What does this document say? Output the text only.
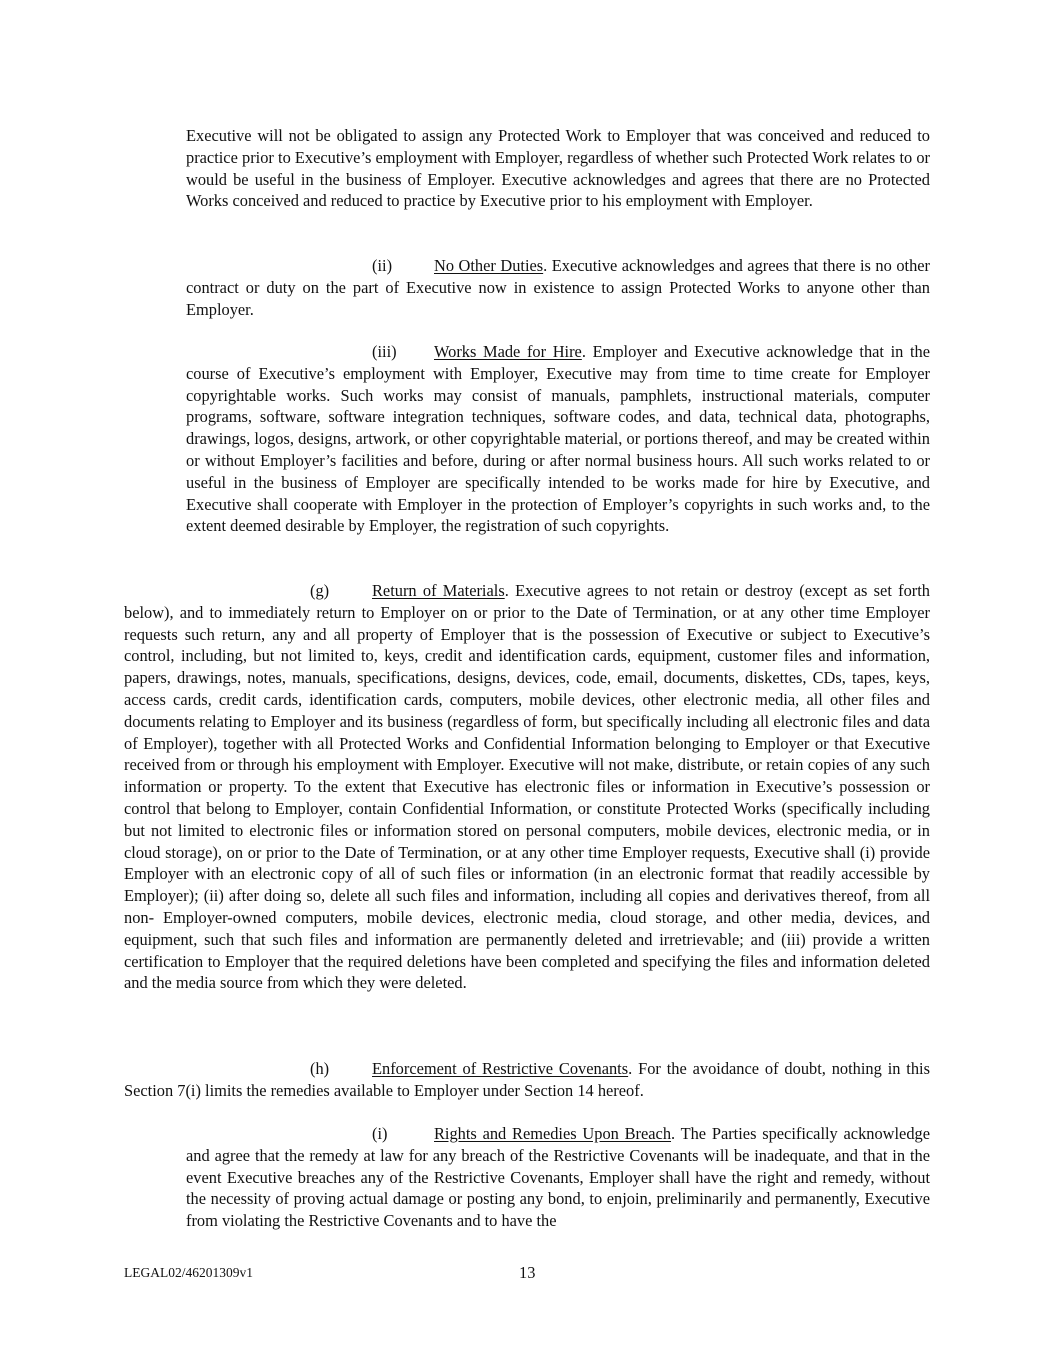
Executive will not be obligated to assign any Protected Work to Employer that was conceived and reduced to practice prior to Executive’s employment with Employer, regardless of whether such Protected Work relates to or would be useful in the business of Employer. Executive acknowledges and agrees that there are no Protected Works conceived and reduced to practice by Executive prior to his employment with Employer.

(ii)	No Other Duties. Executive acknowledges and agrees that there is no other contract or duty on the part of Executive now in existence to assign Protected Works to anyone other than Employer.

(iii) Works Made for Hire. Employer and Executive acknowledge that in the course of Executive’s employment with Employer, Executive may from time to time create for Employer copyrightable works. Such works may consist of manuals, pamphlets, instructional materials, computer programs, software, software integration techniques, software codes, and data, technical data, photographs, drawings, logos, designs, artwork, or other copyrightable material, or portions thereof, and may be created within or without Employer’s facilities and before, during or after normal business hours. All such works related to or useful in the business of Employer are specifically intended to be works made for hire by Executive, and Executive shall cooperate with Employer in the protection of Employer’s copyrights in such works and, to the extent deemed desirable by Employer, the registration of such copyrights.

(g)	Return of Materials. Executive agrees to not retain or destroy (except as set forth below), and to immediately return to Employer on or prior to the Date of Termination, or at any other time Employer requests such return, any and all property of Employer that is the possession of Executive or subject to Executive’s control, including, but not limited to, keys, credit and identification cards, equipment, customer files and information, papers, drawings, notes, manuals, specifications, designs, devices, code, email, documents, diskettes, CDs, tapes, keys, access cards, credit cards, identification cards, computers, mobile devices, other electronic media, all other files and documents relating to Employer and its business (regardless of form, but specifically including all electronic files and data of Employer), together with all Protected Works and Confidential Information belonging to Employer or that Executive received from or through his employment with Employer. Executive will not make, distribute, or retain copies of any such information or property. To the extent that Executive has electronic files or information in Executive’s possession or control that belong to Employer, contain Confidential Information, or constitute Protected Works (specifically including but not limited to electronic files or information stored on personal computers, mobile devices, electronic media, or in cloud storage), on or prior to the Date of Termination, or at any other time Employer requests, Executive shall (i) provide Employer with an electronic copy of all of such files or information (in an electronic format that readily accessible by Employer); (ii) after doing so, delete all such files and information, including all copies and derivatives thereof, from all non- Employer-owned computers, mobile devices, electronic media, cloud storage, and other media, devices, and equipment, such that such files and information are permanently deleted and irretrievable; and (iii) provide a written certification to Employer that the required deletions have been completed and specifying the files and information deleted and the media source from which they were deleted.

(h)	Enforcement of Restrictive Covenants. For the avoidance of doubt, nothing in this Section 7(i) limits the remedies available to Employer under Section 14 hereof.

(i)	Rights and Remedies Upon Breach. The Parties specifically acknowledge and agree that the remedy at law for any breach of the Restrictive Covenants will be inadequate, and that in the event Executive breaches any of the Restrictive Covenants, Employer shall have the right and remedy, without the necessity of proving actual damage or posting any bond, to enjoin, preliminarily and permanently, Executive from violating the Restrictive Covenants and to have the

LEGAL02/46201309v1	13
